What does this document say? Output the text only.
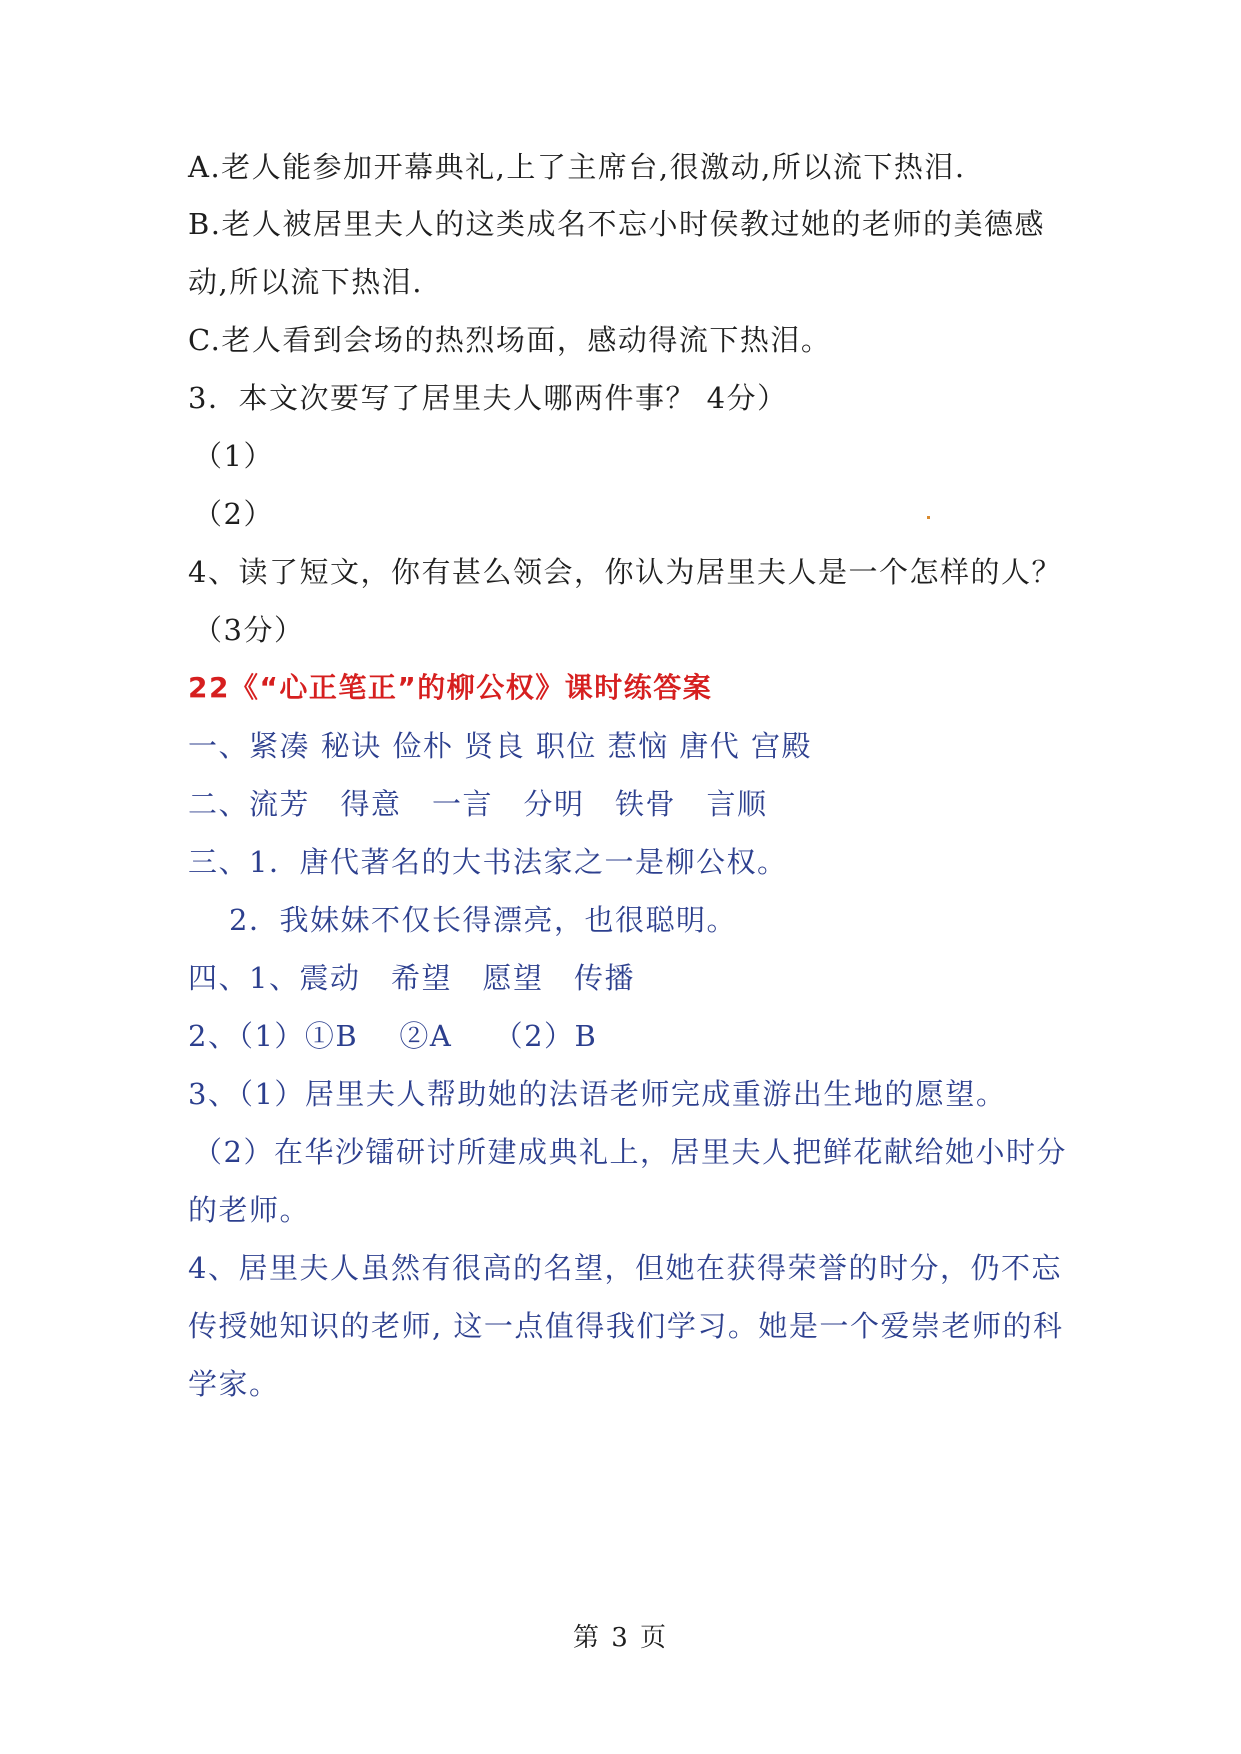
A.老人能参加开幕典礼,上了主席台,很激动,所以流下热泪.
B.老人被居里夫人的这类成名不忘小时侯教过她的老师的美德感
动,所以流下热泪.
C.老人看到会场的热烈场面，感动得流下热泪。
3．本文次要写了居里夫人哪两件事？ 4分）
（1）
（2）
4、读了短文，你有甚么领会，你认为居里夫人是一个怎样的人？
（3分）
22《“心正笔正”的柳公权》课时练答案
一、紧凑 秘诀 俭朴 贤良 职位 惹恼 唐代 宫殿
二、流芳　得意　一言　分明　铁骨　言顺
三、1．唐代著名的大书法家之一是柳公权。
2．我妹妹不仅长得漂亮，也很聪明。
四、1、震动　希望　愿望　传播
2、（1）①B　 ②A　 （2）B
3、（1）居里夫人帮助她的法语老师完成重游出生地的愿望。
（2）在华沙镭研讨所建成典礼上，居里夫人把鲜花献给她小时分
的老师。
4、居里夫人虽然有很高的名望，但她在获得荣誉的时分，仍不忘
传授她知识的老师, 这一点值得我们学习。她是一个爱崇老师的科
学家。
第 3 页
